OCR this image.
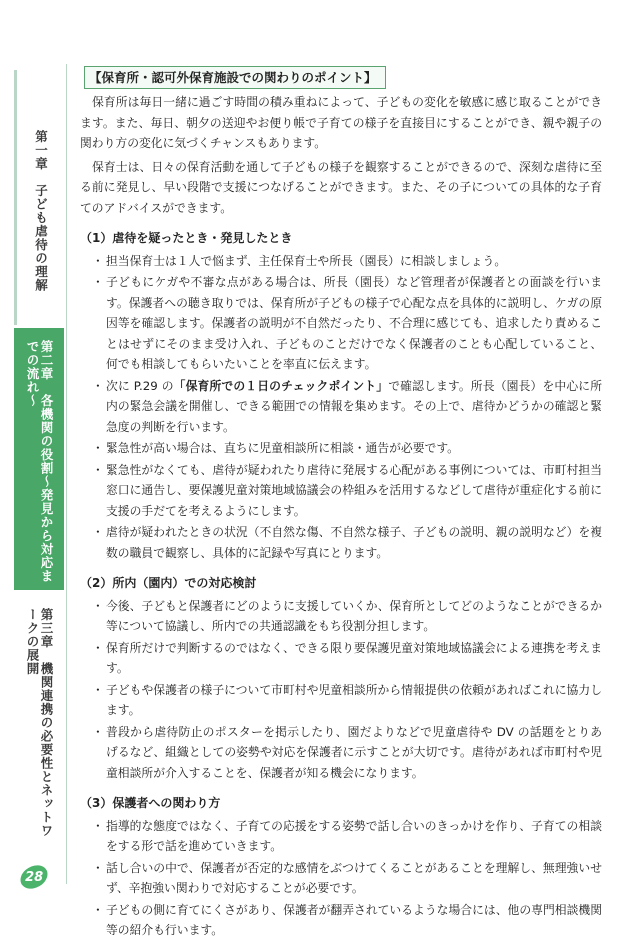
第一章　子ども虐待の理解
第二章　各機関の役割〜発見から対応までの流れ〜
第三章　機関連携の必要性とネットワークの展開
28
【保育所・認可外保育施設での関わりのポイント】

保育所は毎日一緒に過ごす時間の積み重ねによって、子どもの変化を敏感に感じ取ることができます。また、毎日、朝夕の送迎やお便り帳で子育ての様子を直接目にすることができ、親や親子の関わり方の変化に気づくチャンスもあります。

保育士は、日々の保育活動を通して子どもの様子を観察することができるので、深刻な虐待に至る前に発見し、早い段階で支援につなげることができます。また、その子についての具体的な子育てのアドバイスができます。

（1）虐待を疑ったとき・発見したとき
・ 担当保育士は１人で悩まず、主任保育士や所長（園長）に相談しましょう。
・ 子どもにケガや不審な点がある場合は、所長（園長）など管理者が保護者との面談を行います。保護者への聴き取りでは、保育所が子どもの様子で心配な点を具体的に説明し、ケガの原因等を確認します。保護者の説明が不自然だったり、不合理に感じても、追求したり責めることはせずにそのまま受け入れ、子どものことだけでなく保護者のことも心配していること、何でも相談してもらいたいことを率直に伝えます。
・ 次に P.29 の「保育所での１日のチェックポイント」で確認します。所長（園長）を中心に所内の緊急会議を開催し、できる範囲での情報を集めます。その上で、虐待かどうかの確認と緊急度の判断を行います。
・ 緊急性が高い場合は、直ちに児童相談所に相談・通告が必要です。
・ 緊急性がなくても、虐待が疑われたり虐待に発展する心配がある事例については、市町村担当窓口に通告し、要保護児童対策地域協議会の枠組みを活用するなどして虐待が重症化する前に支援の手だてを考えるようにします。
・ 虐待が疑われたときの状況（不自然な傷、不自然な様子、子どもの説明、親の説明など）を複数の職員で観察し、具体的に記録や写真にとります。
（2）所内（園内）での対応検討
・ 今後、子どもと保護者にどのように支援していくか、保育所としてどのようなことができるか等について協議し、所内での共通認識をもち役割分担します。
・ 保育所だけで判断するのではなく、できる限り要保護児童対策地域協議会による連携を考えます。
・ 子どもや保護者の様子について市町村や児童相談所から情報提供の依頼があればこれに協力します。
・ 普段から虐待防止のポスターを掲示したり、園だよりなどで児童虐待や DV の話題をとりあげるなど、組織としての姿勢や対応を保護者に示すことが大切です。虐待があれば市町村や児童相談所が介入することを、保護者が知る機会になります。
（3）保護者への関わり方
・ 指導的な態度ではなく、子育ての応援をする姿勢で話し合いのきっかけを作り、子育ての相談をする形で話を進めていきます。
・ 話し合いの中で、保護者が否定的な感情をぶつけてくることがあることを理解し、無理強いせず、辛抱強い関わりで対応することが必要です。
・ 子どもの側に育てにくさがあり、保護者が翻弄されているような場合には、他の専門相談機関等の紹介も行います。
